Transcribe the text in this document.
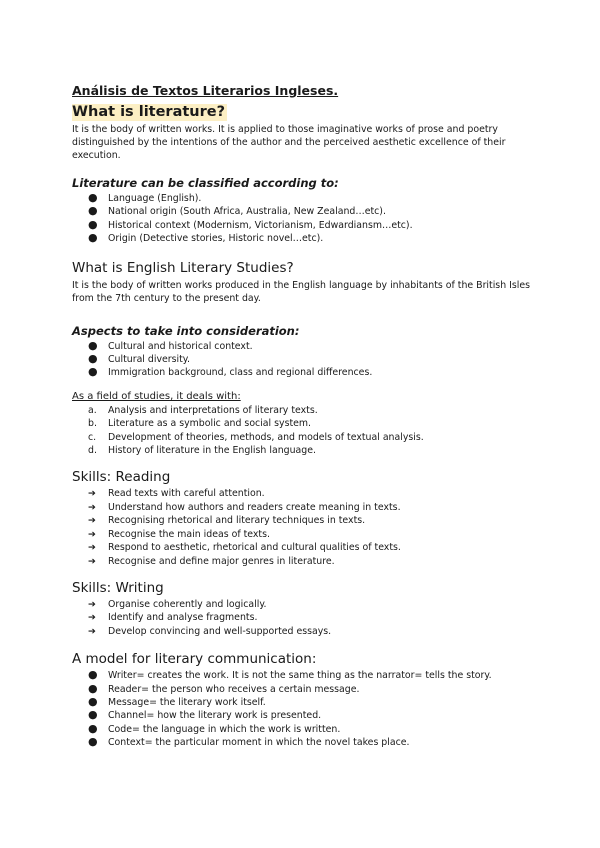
Análisis de Textos Literarios Ingleses.
What is literature?

It is the body of written works. It is applied to those imaginative works of prose and poetry distinguished by the intentions of the author and the perceived aesthetic excellence of their execution.

Literature can be classified according to:
● Language (English).
● National origin (South Africa, Australia, New Zealand…etc).
● Historical context (Modernism, Victorianism, Edwardiansm…etc).
● Origin (Detective stories, Historic novel…etc).
What is English Literary Studies?

It is the body of written works produced in the English language by inhabitants of the British Isles from the 7th century to the present day.

Aspects to take into consideration:
● Cultural and historical context.
● Cultural diversity.
● Immigration background, class and regional differences.
As a field of studies, it deals with:
a. Analysis and interpretations of literary texts.
b. Literature as a symbolic and social system.
c. Development of theories, methods, and models of textual analysis.
d. History of literature in the English language.
Skills: Reading
➔ Read texts with careful attention.
➔ Understand how authors and readers create meaning in texts.
➔ Recognising rhetorical and literary techniques in texts.
➔ Recognise the main ideas of texts.
➔ Respond to aesthetic, rhetorical and cultural qualities of texts.
➔ Recognise and define major genres in literature.
Skills: Writing
➔ Organise coherently and logically.
➔ Identify and analyse fragments.
➔ Develop convincing and well-supported essays.
A model for literary communication:
● Writer= creates the work. It is not the same thing as the narrator= tells the story.
● Reader= the person who receives a certain message.
● Message= the literary work itself.
● Channel= how the literary work is presented.
● Code= the language in which the work is written.
● Context= the particular moment in which the novel takes place.
